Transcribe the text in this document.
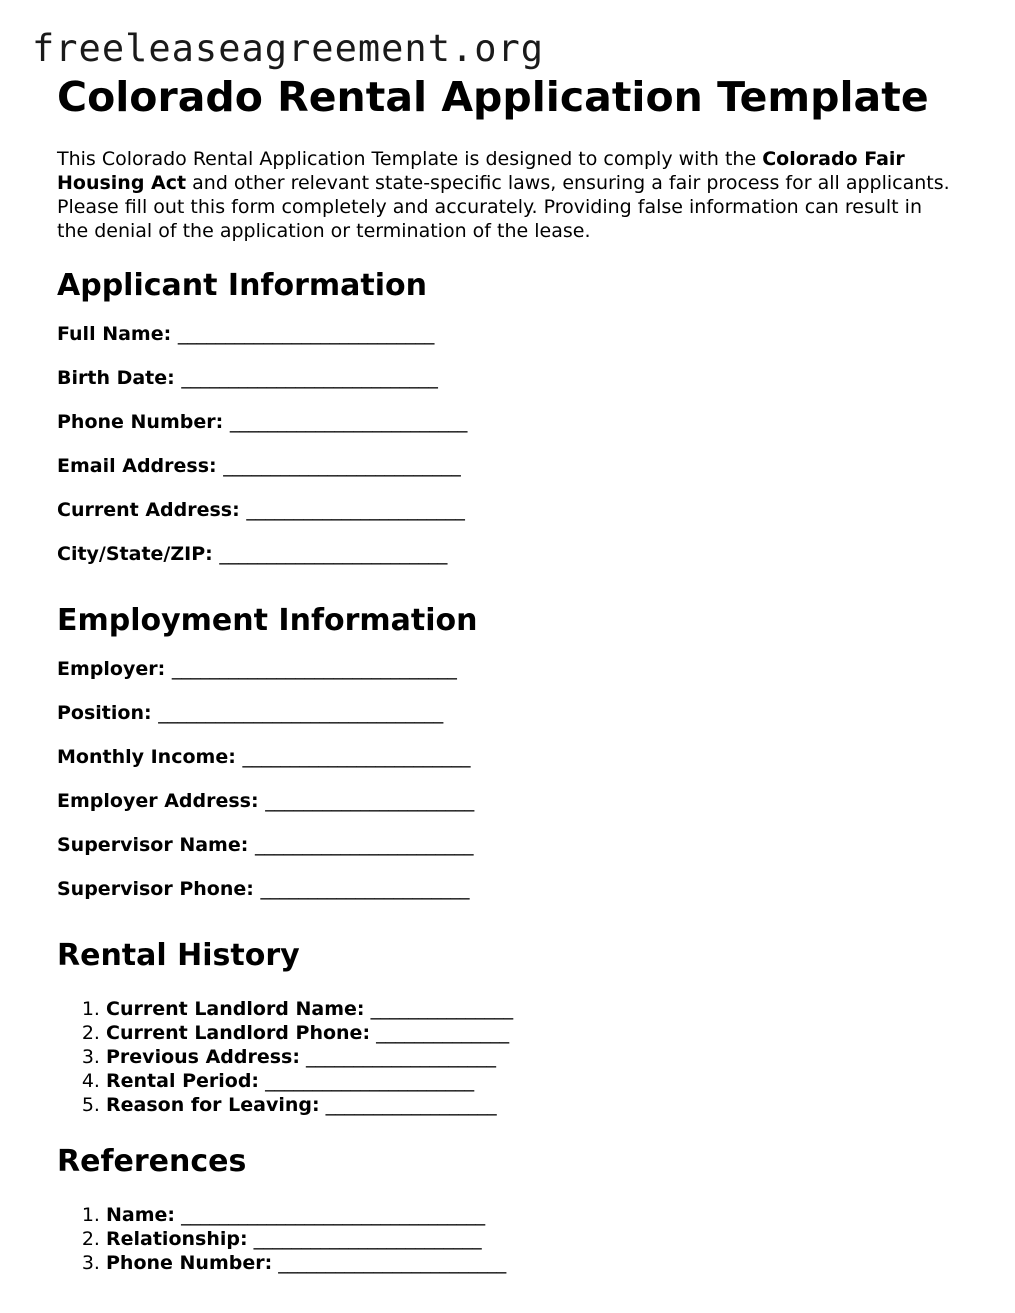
freeleaseagreement.org
Colorado Rental Application Template

This Colorado Rental Application Template is designed to comply with the Colorado Fair Housing Act and other relevant state-specific laws, ensuring a fair process for all applicants. Please fill out this form completely and accurately. Providing false information can result in the denial of the application or termination of the lease.

Applicant Information
Full Name: ___________________________
Birth Date: ___________________________
Phone Number: _________________________
Email Address: _________________________
Current Address: _______________________
City/State/ZIP: ________________________
Employment Information
Employer: ______________________________
Position: ______________________________
Monthly Income: ________________________
Employer Address: ______________________
Supervisor Name: _______________________
Supervisor Phone: ______________________
Rental History
1. Current Landlord Name: _______________
2. Current Landlord Phone: ______________
3. Previous Address: ____________________
4. Rental Period: ______________________
5. Reason for Leaving: __________________
References
1. Name: ________________________________
2. Relationship: ________________________
3. Phone Number: ________________________
